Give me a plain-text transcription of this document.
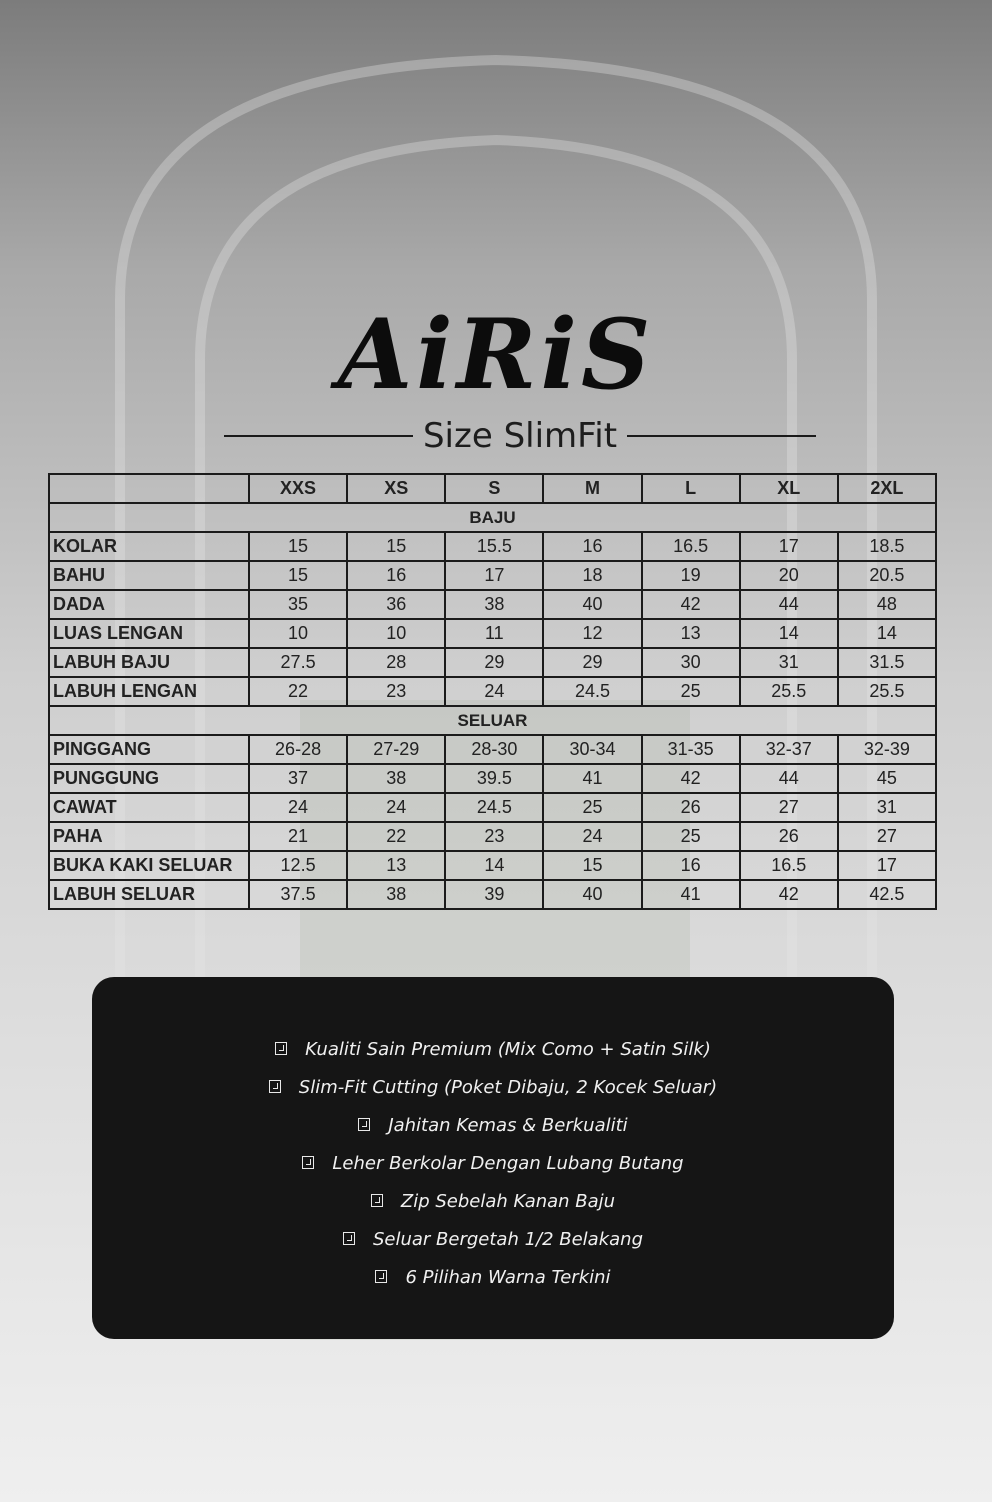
AiRiS
Size SlimFit
	XXS	XS	S	M	L	XL	2XL
BAJU							
KOLAR	15	15	15.5	16	16.5	17	18.5
BAHU	15	16	17	18	19	20	20.5
DADA	35	36	38	40	42	44	48
LUAS LENGAN	10	10	11	12	13	14	14
LABUH BAJU	27.5	28	29	29	30	31	31.5
LABUH LENGAN	22	23	24	24.5	25	25.5	25.5
SELUAR							
PINGGANG	26-28	27-29	28-30	30-34	31-35	32-37	32-39
PUNGGUNG	37	38	39.5	41	42	44	45
CAWAT	24	24	24.5	25	26	27	31
PAHA	21	22	23	24	25	26	27
BUKA KAKI SELUAR	12.5	13	14	15	16	16.5	17
LABUH SELUAR	37.5	38	39	40	41	42	42.5
Kualiti Sain Premium (Mix Como + Satin Silk)
Slim-Fit Cutting (Poket Dibaju, 2 Kocek Seluar)
Jahitan Kemas & Berkualiti
Leher Berkolar Dengan Lubang Butang
Zip Sebelah Kanan Baju
Seluar Bergetah 1/2 Belakang
6 Pilihan Warna Terkini
